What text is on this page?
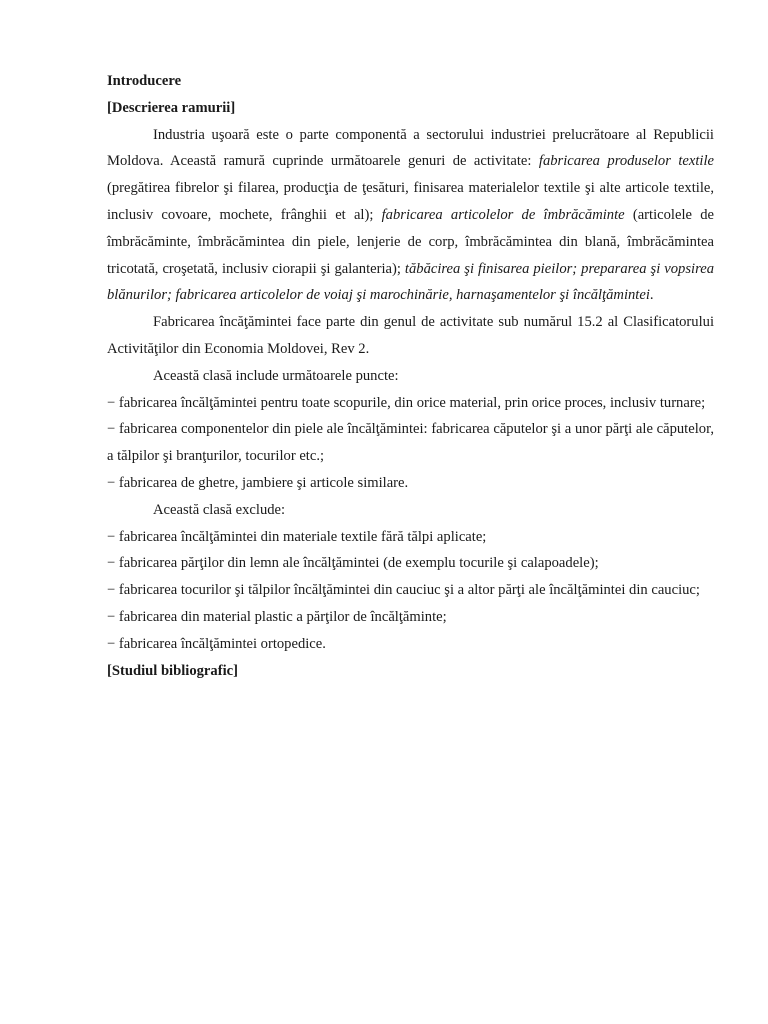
Introducere

[Descrierea ramurii]

Industria uşoară este o parte componentă a sectorului industriei prelucrătoare al Republicii Moldova. Această ramură cuprinde următoarele genuri de activitate: fabricarea produselor textile (pregătirea fibrelor şi filarea, producţia de ţesături, finisarea materialelor textile şi alte articole textile, inclusiv covoare, mochete, frânghii et al); fabricarea articolelor de îmbrăcăminte (articolele de îmbrăcăminte, îmbrăcămintea din piele, lenjerie de corp, îmbrăcămintea din blană, îmbrăcămintea tricotată, croşetată, inclusiv ciorapii şi galanteria); tăbăcirea şi finisarea pieilor; prepararea şi vopsirea blănurilor; fabricarea articolelor de voiaj şi marochinărie, harnaşamentelor şi încălţămintei.

Fabricarea încăţămintei face parte din genul de activitate sub numărul 15.2 al Clasificatorului Activităţilor din Economia Moldovei, Rev 2.

Această clasă include următoarele puncte:

− fabricarea încălţămintei pentru toate scopurile, din orice material, prin orice proces, inclusiv turnare;

− fabricarea componentelor din piele ale încălţămintei: fabricarea căputelor şi a unor părţi ale căputelor, a tălpilor şi branţurilor, tocurilor etc.;

− fabricarea de ghetre, jambiere şi articole similare.

Această clasă exclude:

− fabricarea încălţămintei din materiale textile fără tălpi aplicate;

− fabricarea părţilor din lemn ale încălţămintei (de exemplu tocurile şi calapoadele);

− fabricarea tocurilor şi tălpilor încălţămintei din cauciuc şi a altor părţi ale încălţămintei din cauciuc;

− fabricarea din material plastic a părţilor de încălţăminte;

− fabricarea încălţămintei ortopedice.

[Studiul bibliografic]
